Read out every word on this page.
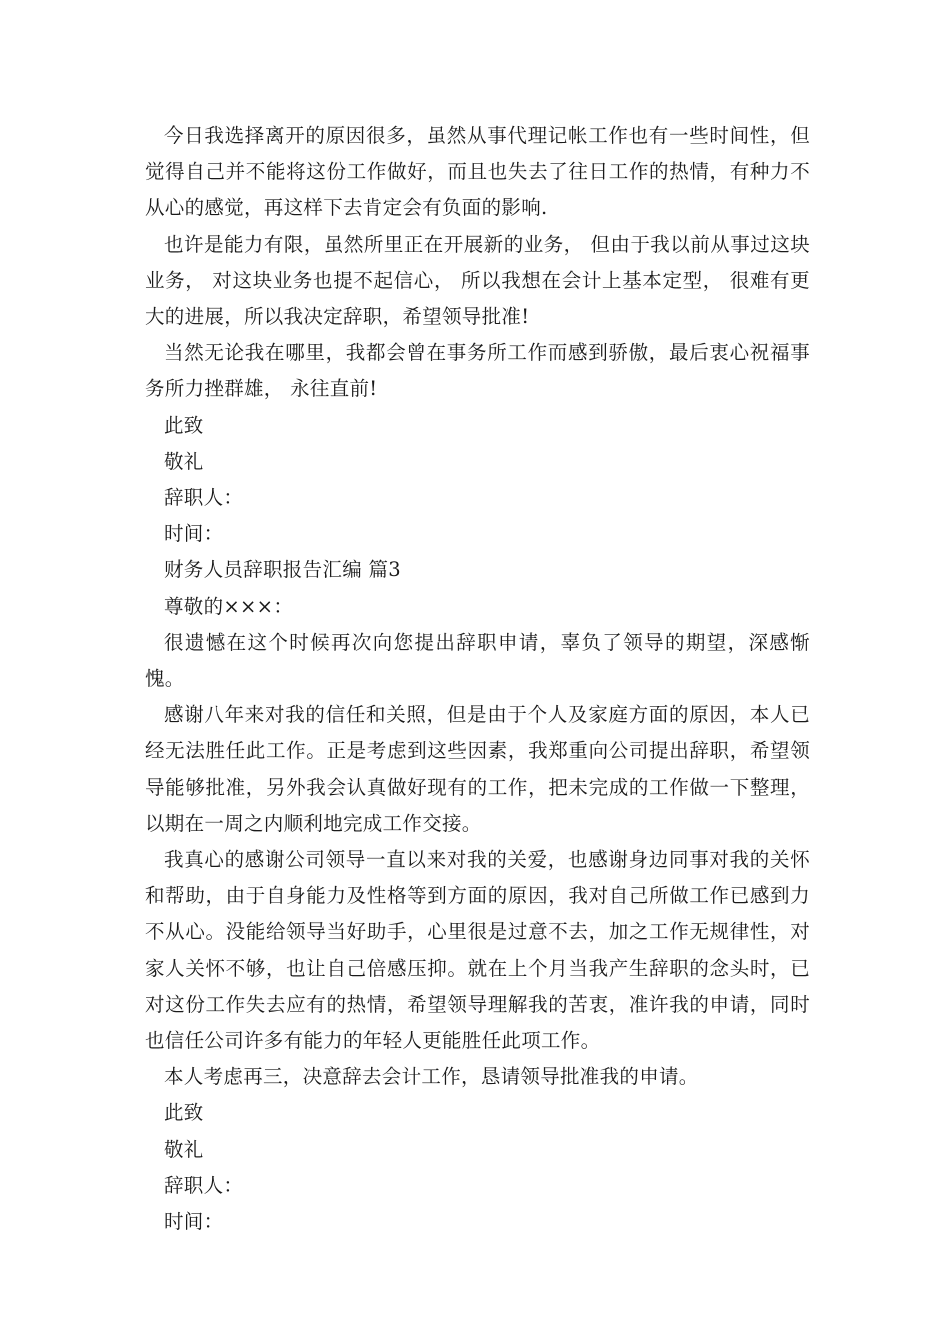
今日我选择离开的原因很多，虽然从事代理记帐工作也有一些时间性，但觉得自己并不能将这份工作做好，而且也失去了往日工作的热情，有种力不从心的感觉，再这样下去肯定会有负面的影响.

也许是能力有限，虽然所里正在开展新的业务， 但由于我以前从事过这块业务， 对这块业务也提不起信心， 所以我想在会计上基本定型， 很难有更大的进展，所以我决定辞职，希望领导批准!

当然无论我在哪里，我都会曾在事务所工作而感到骄傲，最后衷心祝福事务所力挫群雄， 永往直前!

此致

敬礼

辞职人：

时间：

财务人员辞职报告汇编 篇3

尊敬的×××：

很遗憾在这个时候再次向您提出辞职申请，辜负了领导的期望，深感惭愧。

感谢八年来对我的信任和关照，但是由于个人及家庭方面的原因，本人已经无法胜任此工作。正是考虑到这些因素，我郑重向公司提出辞职，希望领导能够批准，另外我会认真做好现有的工作，把未完成的工作做一下整理，以期在一周之内顺利地完成工作交接。

我真心的感谢公司领导一直以来对我的关爱，也感谢身边同事对我的关怀和帮助，由于自身能力及性格等到方面的原因，我对自己所做工作已感到力不从心。没能给领导当好助手，心里很是过意不去，加之工作无规律性，对家人关怀不够，也让自己倍感压抑。就在上个月当我产生辞职的念头时，已对这份工作失去应有的热情，希望领导理解我的苦衷，准许我的申请，同时也信任公司许多有能力的年轻人更能胜任此项工作。

本人考虑再三，决意辞去会计工作，恳请领导批准我的申请。

此致

敬礼

辞职人：

时间：
